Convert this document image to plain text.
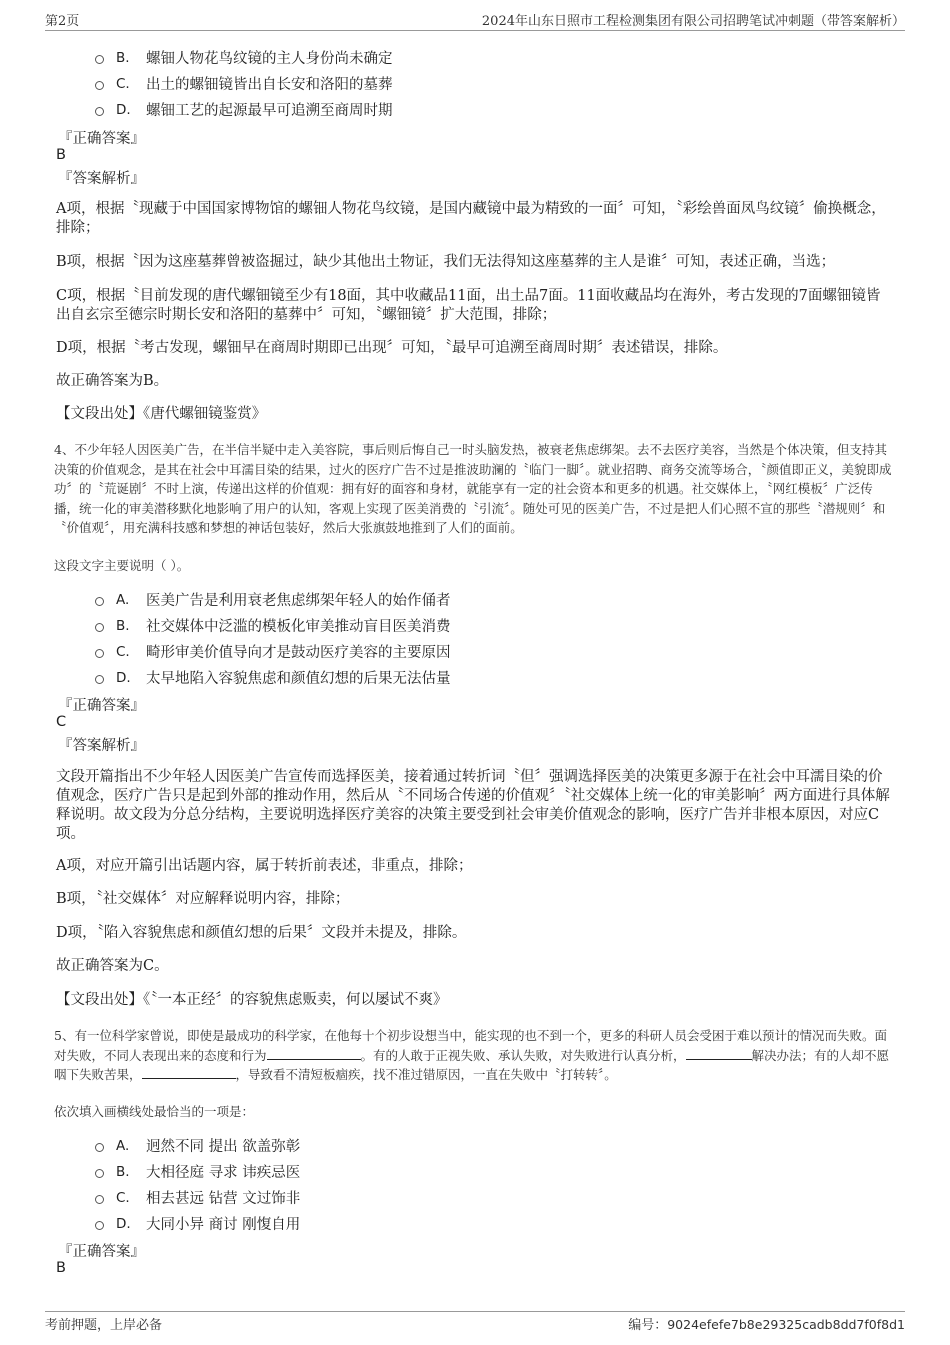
第2页	2024年山东日照市工程检测集团有限公司招聘笔试冲刺题（带答案解析）
B.	螺钿人物花鸟纹镜的主人身份尚未确定
C.	出土的螺钿镜皆出自长安和洛阳的墓葬
D.	螺钿工艺的起源最早可追溯至商周时期
『正确答案』
B
『答案解析』
A项，根据〝现藏于中国国家博物馆的螺钿人物花鸟纹镜，是国内藏镜中最为精致的一面〞可知，〝彩绘兽面凤鸟纹镜〞偷换概念，排除；
B项，根据〝因为这座墓葬曾被盗掘过，缺少其他出土物证，我们无法得知这座墓葬的主人是谁〞可知，表述正确，当选；
C项，根据〝目前发现的唐代螺钿镜至少有18面，其中收藏品11面，出土品7面。11面收藏品均在海外，考古发现的7面螺钿镜皆出自玄宗至德宗时期长安和洛阳的墓葬中〞可知，〝螺钿镜〞扩大范围，排除；
D项，根据〝考古发现，螺钿早在商周时期即已出现〞可知，〝最早可追溯至商周时期〞表述错误，排除。
故正确答案为B。
【文段出处】《唐代螺钿镜鉴赏》
4、不少年轻人因医美广告，在半信半疑中走入美容院，事后则后悔自己一时头脑发热，被衰老焦虑绑架。去不去医疗美容，当然是个体决策，但支持其决策的价值观念，是其在社会中耳濡目染的结果，过火的医疗广告不过是推波助澜的〝临门一脚〞。就业招聘、商务交流等场合，〝颜值即正义，美貌即成功〞的〝荒诞剧〞不时上演，传递出这样的价值观：拥有好的面容和身材，就能享有一定的社会资本和更多的机遇。社交媒体上，〝网红模板〞广泛传播，统一化的审美潜移默化地影响了用户的认知，客观上实现了医美消费的〝引流〞。随处可见的医美广告，不过是把人们心照不宣的那些〝潜规则〞和〝价值观〞，用充满科技感和梦想的神话包装好，然后大张旗鼓地推到了人们的面前。
这段文字主要说明（ ）。
A.	医美广告是利用衰老焦虑绑架年轻人的始作俑者
B.	社交媒体中泛滥的模板化审美推动盲目医美消费
C.	畸形审美价值导向才是鼓动医疗美容的主要原因
D.	太早地陷入容貌焦虑和颜值幻想的后果无法估量
『正确答案』
C
『答案解析』
文段开篇指出不少年轻人因医美广告宣传而选择医美，接着通过转折词〝但〞强调选择医美的决策更多源于在社会中耳濡目染的价值观念，医疗广告只是起到外部的推动作用，然后从〝不同场合传递的价值观〞〝社交媒体上统一化的审美影响〞两方面进行具体解释说明。故文段为分总分结构，主要说明选择医疗美容的决策主要受到社会审美价值观念的影响，医疗广告并非根本原因，对应C项。
A项，对应开篇引出话题内容，属于转折前表述，非重点，排除；
B项，〝社交媒体〞对应解释说明内容，排除；
D项，〝陷入容貌焦虑和颜值幻想的后果〞文段并未提及，排除。
故正确答案为C。
【文段出处】《〝一本正经〞的容貌焦虑贩卖，何以屡试不爽》
5、有一位科学家曾说，即使是最成功的科学家，在他每十个初步设想当中，能实现的也不到一个，更多的科研人员会受困于难以预计的情况而失败。面对失败，不同人表现出来的态度和行为	。有的人敢于正视失败、承认失败，对失败进行认真分析，	解决办法；有的人却不愿咽下失败苦果，	，导致看不清短板痼疾，找不准过错原因，一直在失败中〝打转转〞。
依次填入画横线处最恰当的一项是：
A.	迥然不同 提出 欲盖弥彰
B.	大相径庭 寻求 讳疾忌医
C.	相去甚远 钻营 文过饰非
D.	大同小异 商讨 刚愎自用
『正确答案』
B
考前押题，上岸必备	编号：9024efefe7b8e29325cadb8dd7f0f8d1
